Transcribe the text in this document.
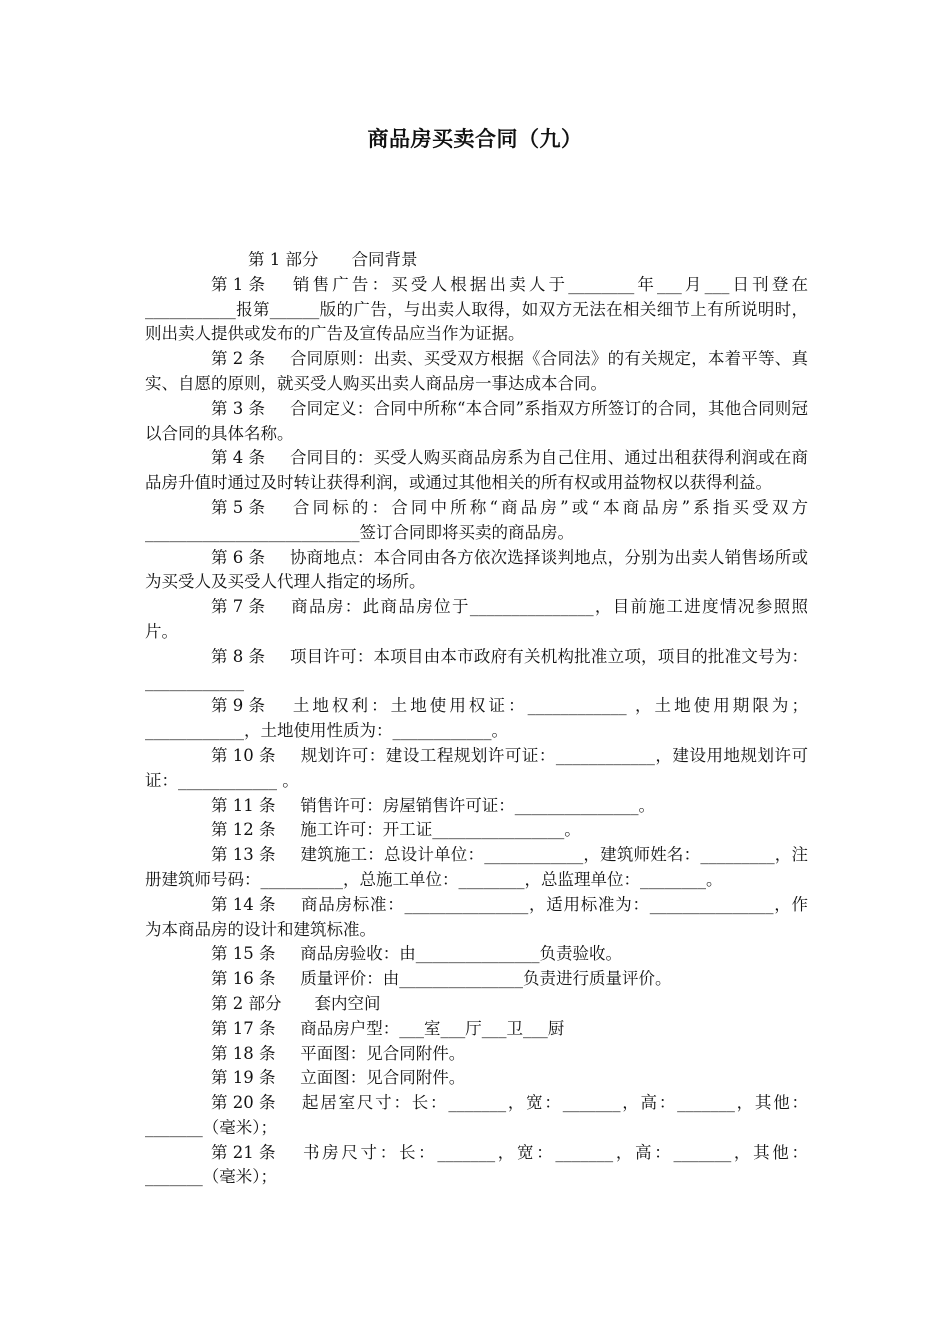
商品房买卖合同（九）
第 1 部分　　合同背景
第 1 条   销售广告：买受人根据出卖人于________年___月___日刊登在___________报第______版的广告，与出卖人取得，如双方无法在相关细节上有所说明时，则出卖人提供或发布的广告及宣传品应当作为证据。
第 2 条   合同原则：出卖、买受双方根据《合同法》的有关规定，本着平等、真实、自愿的原则，就买受人购买出卖人商品房一事达成本合同。
第 3 条   合同定义：合同中所称“本合同”系指双方所签订的合同，其他合同则冠以合同的具体名称。
第 4 条   合同目的：买受人购买商品房系为自己住用、通过出租获得利润或在商品房升值时通过及时转让获得利润，或通过其他相关的所有权或用益物权以获得利益。
第 5 条   合同标的：合同中所称“商品房”或“本商品房”系指买受双方__________________________签订合同即将买卖的商品房。
第 6 条   协商地点：本合同由各方依次选择谈判地点，分别为出卖人销售场所或为买受人及买受人代理人指定的场所。
第 7 条   商品房：此商品房位于_______________，目前施工进度情况参照照片。
第 8 条   项目许可：本项目由本市政府有关机构批准立项，项目的批准文号为：____________
第 9 条   土地权利：土地使用权证：____________ ，土地使用期限为；____________，土地使用性质为：____________。
第 10 条   规划许可：建设工程规划许可证：____________，建设用地规划许可证：____________ 。
第 11 条   销售许可：房屋销售许可证：_______________。
第 12 条   施工许可：开工证________________。
第 13 条   建筑施工：总设计单位：____________，建筑师姓名：_________，注册建筑师号码：__________，总施工单位：________，总监理单位：________。
第 14 条   商品房标准：_______________，适用标准为：_______________，作为本商品房的设计和建筑标准。
第 15 条   商品房验收：由_______________负责验收。
第 16 条   质量评价：由_______________负责进行质量评价。
第 2 部分　　套内空间
第 17 条   商品房户型：___室___厅___卫___厨
第 18 条   平面图：见合同附件。
第 19 条   立面图：见合同附件。
第 20 条   起居室尺寸：长：_______，宽：_______，高：_______，其他：_______（毫米）；
第 21 条   书房尺寸：长：_______，宽：_______，高：_______，其他：_______（毫米）；
